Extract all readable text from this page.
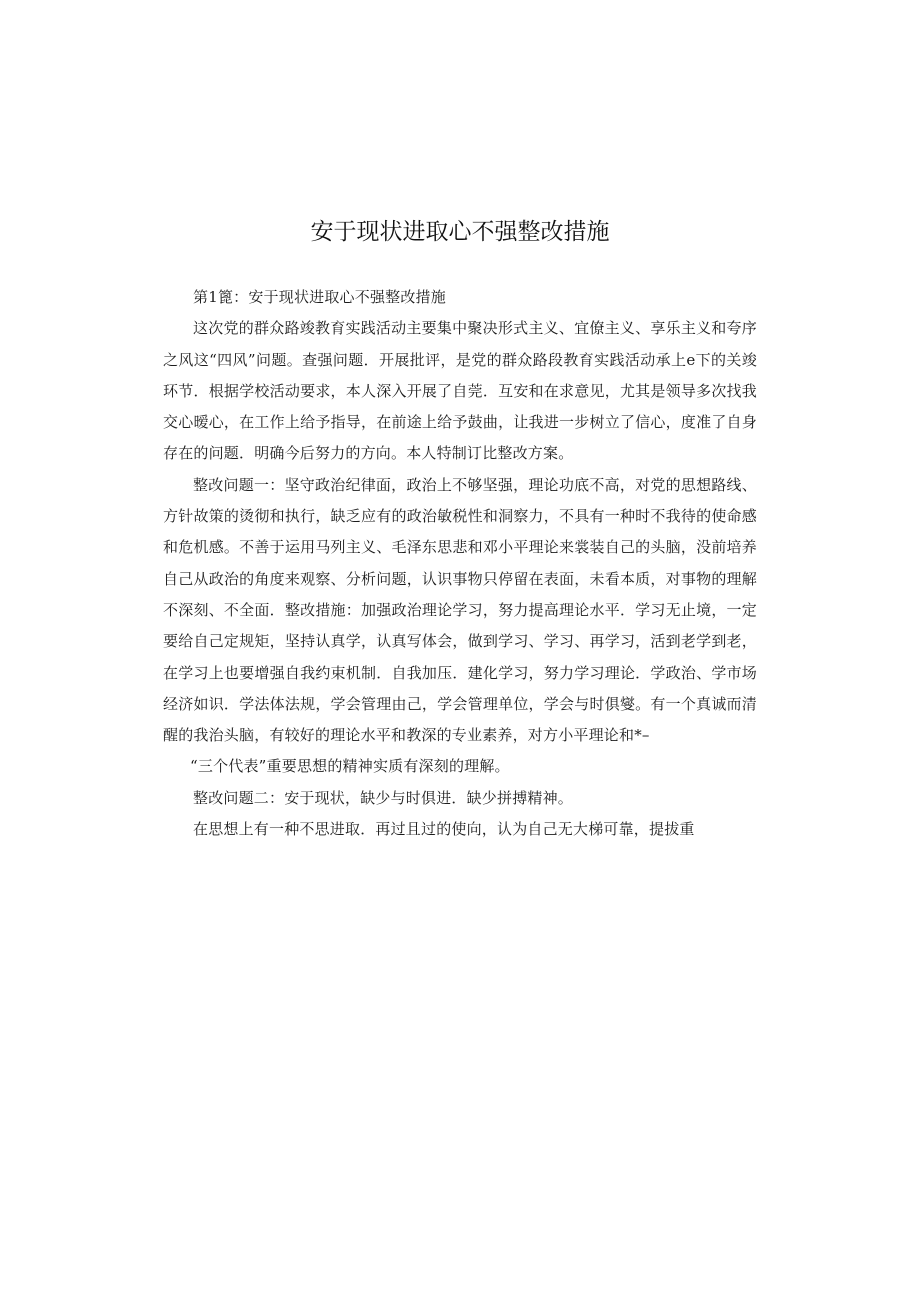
安于现状进取心不强整改措施

第1篦：安于现状进取心不强整改措施

这次党的群众路竣教育实践活动主要集中聚决形式主义、宜僚主义、享乐主义和夸序之风这“四风”问题。查强问题．开展批评，是党的群众路段教育实践活动承上e下的关竣环节．根据学校活动要求，本人深入开展了自莞．互安和在求意见，尤其是领导多次找我交心暧心，在工作上给予指导，在前途上给予鼓曲，让我进一步树立了信心，度准了自身存在的问题．明确今后努力的方向。本人特制订比整改方案。

整改问题一：坚守政治纪律面，政治上不够坚强，理论功底不高，对党的思想路线、方针故策的烫彻和执行，缺乏应有的政治敏税性和洞察力，不具有一种时不我待的使命感和危机感。不善于运用马列主义、毛泽东思悲和邓小平理论来裳装自己的头脑，没前培养自己从政治的角度来观察、分析问题，认识事物只停留在表面，未看本质，对事物的理解不深刻、不全面．整改措施：加强政治理论学习，努力提高理论水平．学习无止境，一定要给自己定规矩，坚持认真学，认真写体会，做到学习、学习、再学习，活到老学到老，在学习上也要增强自我约束机制．自我加压．建化学习，努力学习理论．学政治、学市场经济如识．学法体法规，学会管理由己，学会管理单位，学会与时俱燮。有一个真诚而清醒的我治头脑，有较好的理论水平和教深的专业素养，对方小平理论和*–

“三个代表”重要思想的精神实质有深刻的理解。

整改问题二：安于现状，缺少与时俱进．缺少拼搏精神。

在思想上有一种不思进取．再过且过的使向，认为自己无大梯可靠，提拔重
